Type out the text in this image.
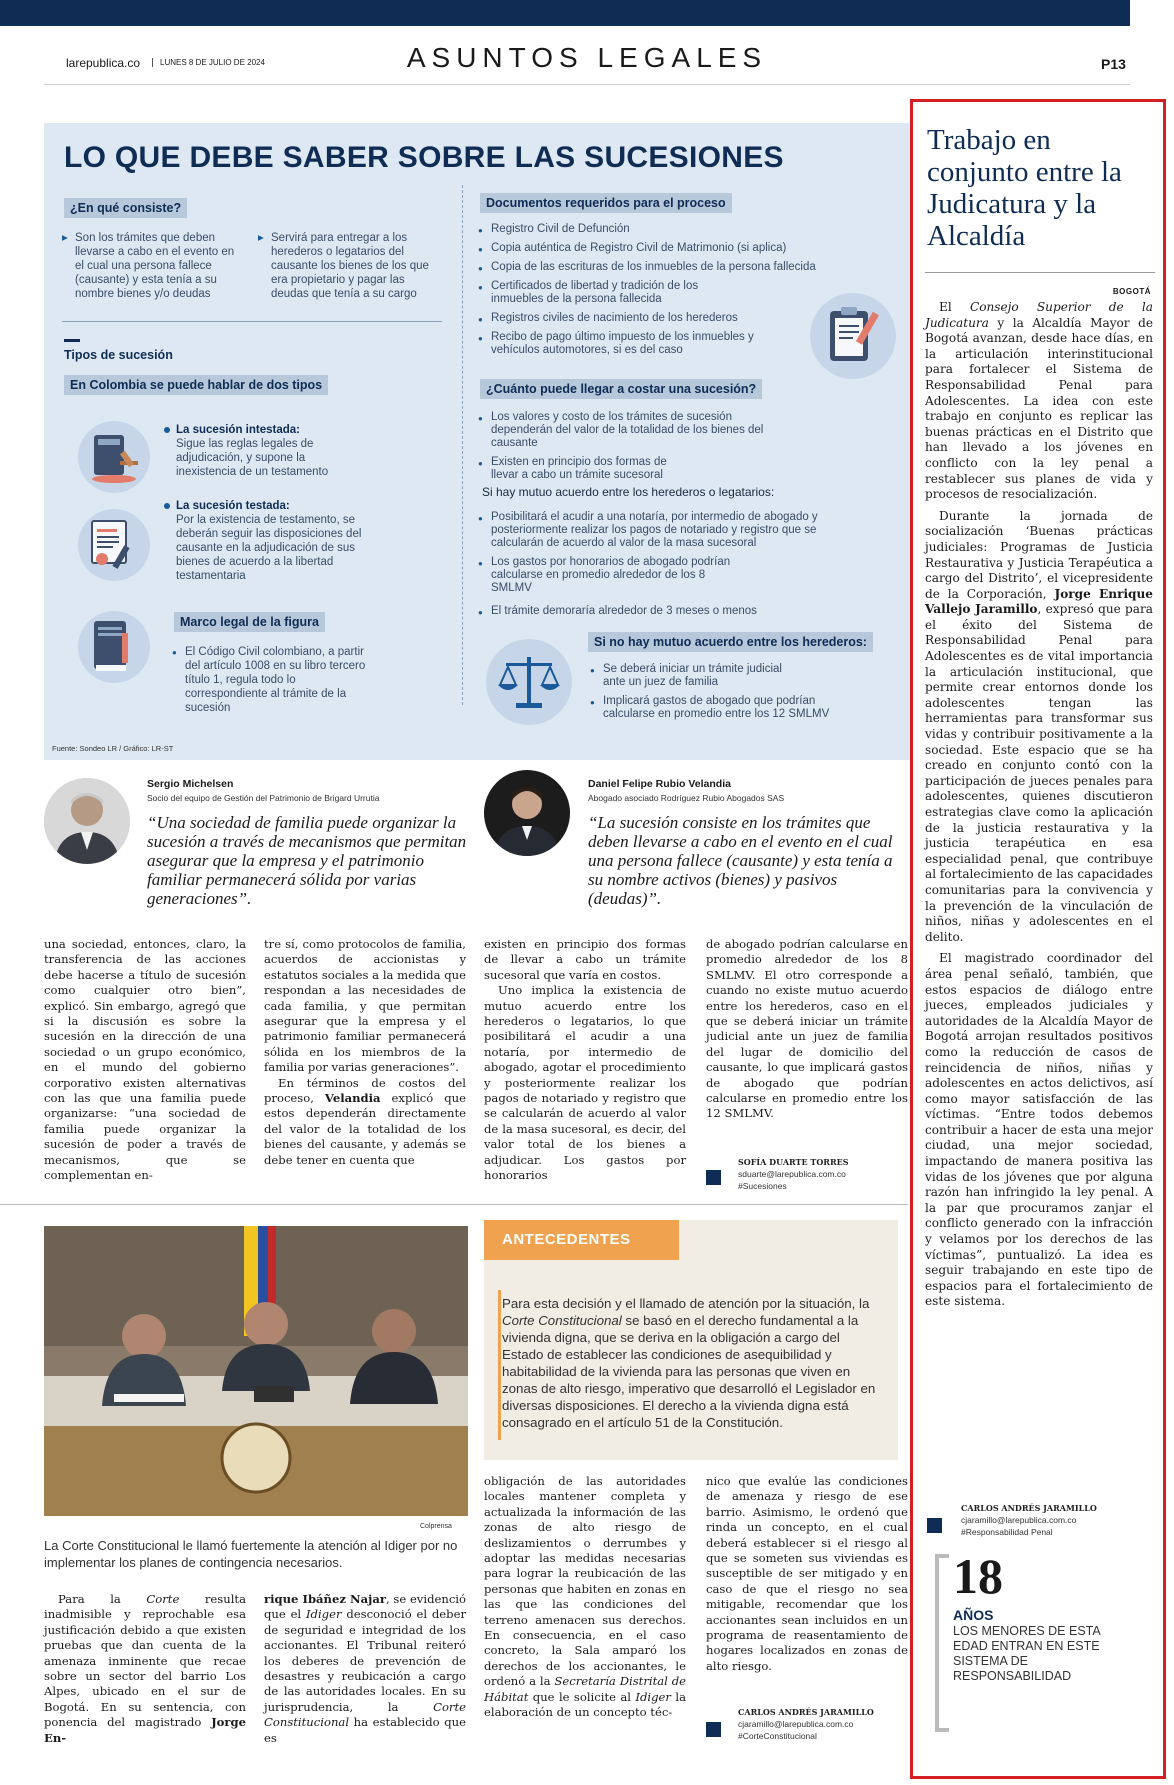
larepublica.co	LUNES 8 DE JULIO DE 2024	ASUNTOS LEGALES	P13
LO QUE DEBE SABER SOBRE LAS SUCESIONES
¿En qué consiste?
▸ Son los trámites que deben llevarse a cabo en el evento en el cual una persona fallece (causante) y esta tenía a su nombre bienes y/o deudas
▸ Servirá para entregar a los herederos o legatarios del causante los bienes de los que era propietario y pagar las deudas que tenía a su cargo
Tipos de sucesión
En Colombia se puede hablar de dos tipos
La sucesión intestada:
Sigue las reglas legales de adjudicación, y supone la inexistencia de un testamento
La sucesión testada:
Por la existencia de testamento, se deberán seguir las disposiciones del causante en la adjudicación de sus bienes de acuerdo a la libertad testamentaria
Marco legal de la figura
● El Código Civil colombiano, a partir del artículo 1008 en su libro tercero título 1, regula todo lo correspondiente al trámite de la sucesión
Fuente: Sondeo LR / Gráfico: LR-ST
Documentos requeridos para el proceso
● Registro Civil de Defunción
● Copia auténtica de Registro Civil de Matrimonio (si aplica)
● Copia de las escrituras de los inmuebles de la persona fallecida
● Certificados de libertad y tradición de los inmuebles de la persona fallecida
● Registros civiles de nacimiento de los herederos
● Recibo de pago último impuesto de los inmuebles y vehículos automotores, si es del caso
¿Cuánto puede llegar a costar una sucesión?
● Los valores y costo de los trámites de sucesión dependerán del valor de la totalidad de los bienes del causante
● Existen en principio dos formas de llevar a cabo un trámite sucesoral
Si hay mutuo acuerdo entre los herederos o legatarios:
● Posibilitará el acudir a una notaría, por intermedio de abogado y posteriormente realizar los pagos de notariado y registro que se calcularán de acuerdo al valor de la masa sucesoral
● Los gastos por honorarios de abogado podrían calcularse en promedio alrededor de los 8 SMLMV
● El trámite demoraría alrededor de 3 meses o menos
Si no hay mutuo acuerdo entre los herederos:
● Se deberá iniciar un trámite judicial ante un juez de familia
● Implicará gastos de abogado que podrían calcularse en promedio entre los 12 SMLMV
Sergio Michelsen
Socio del equipo de Gestión del Patrimonio de Brigard Urrutia
“Una sociedad de familia puede organizar la sucesión a través de mecanismos que permitan asegurar que la empresa y el patrimonio familiar permanecerá sólida por varias generaciones”.
Daniel Felipe Rubio Velandia
Abogado asociado Rodríguez Rubio Abogados SAS
“La sucesión consiste en los trámites que deben llevarse a cabo en el evento en el cual una persona fallece (causante) y esta tenía a su nombre activos (bienes) y pasivos (deudas)”.

una sociedad, entonces, claro, la transferencia de las acciones debe hacerse a título de sucesión como cualquier otro bien”, explicó. Sin embargo, agregó que si la discusión es sobre la sucesión en la dirección de una sociedad o un grupo económico, en el mundo del gobierno corporativo existen alternativas con las que una familia puede organizarse: “una sociedad de familia puede organizar la sucesión de poder a través de mecanismos, que se complementan en-

tre sí, como protocolos de familia, acuerdos de accionistas y estatutos sociales a la medida que respondan a las necesidades de cada familia, y que permitan asegurar que la empresa y el patrimonio familiar permanecerá sólida en los miembros de la familia por varias generaciones”.

En términos de costos del proceso, Velandia explicó que estos dependerán directamente del valor de la totalidad de los bienes del causante, y además se debe tener en cuenta que

existen en principio dos formas de llevar a cabo un trámite sucesoral que varía en costos.

Uno implica la existencia de mutuo acuerdo entre los herederos o legatarios, lo que posibilitará el acudir a una notaría, por intermedio de abogado, agotar el procedimiento y posteriormente realizar los pagos de notariado y registro que se calcularán de acuerdo al valor de la masa sucesoral, es decir, del valor total de los bienes a adjudicar. Los gastos por honorarios

de abogado podrían calcularse en promedio alrededor de los 8 SMLMV. El otro corresponde a cuando no existe mutuo acuerdo entre los herederos, caso en el que se deberá iniciar un trámite judicial ante un juez de familia del lugar de domicilio del causante, lo que implicará gastos de abogado que podrían calcularse en promedio entre los 12 SMLMV.

SOFÍA DUARTE TORRES
sduarte@larepublica.com.co
#Sucesiones
Colprensa
La Corte Constitucional le llamó fuertemente la atención al Idiger por no implementar los planes de contingencia necesarios.
ANTECEDENTES
Para esta decisión y el llamado de atención por la situación, la Corte Constitucional se basó en el derecho fundamental a la vivienda digna, que se deriva en la obligación a cargo del Estado de establecer las condiciones de asequibilidad y habitabilidad de la vivienda para las personas que viven en zonas de alto riesgo, imperativo que desarrolló el Legislador en diversas disposiciones. El derecho a la vivienda digna está consagrado en el artículo 51 de la Constitución.

Para la Corte resulta inadmisible y reprochable esa justificación debido a que existen pruebas que dan cuenta de la amenaza inminente que recae sobre un sector del barrio Los Alpes, ubicado en el sur de Bogotá. En su sentencia, con ponencia del magistrado Jorge En-

rique Ibáñez Najar, se evidenció que el Idiger desconoció el deber de seguridad e integridad de los accionantes. El Tribunal reiteró los deberes de prevención de desastres y reubicación a cargo de las autoridades locales. En su jurisprudencia, la Corte Constitucional ha establecido que es

obligación de las autoridades locales mantener completa y actualizada la información de las zonas de alto riesgo de deslizamientos o derrumbes y adoptar las medidas necesarias para lograr la reubicación de las personas que habiten en zonas en las que las condiciones del terreno amenacen sus derechos. En consecuencia, en el caso concreto, la Sala amparó los derechos de los accionantes, le ordenó a la Secretaría Distrital de Hábitat que le solicite al Idiger la elaboración de un concepto téc-

nico que evalúe las condiciones de amenaza y riesgo de ese barrio. Asimismo, le ordenó que rinda un concepto, en el cual deberá establecer si el riesgo al que se someten sus viviendas es susceptible de ser mitigado y en caso de que el riesgo no sea mitigable, recomendar que los accionantes sean incluidos en un programa de reasentamiento de hogares localizados en zonas de alto riesgo.

CARLOS ANDRÉS JARAMILLO
cjaramillo@larepublica.com.co
#CorteConstitucional
Trabajo en conjunto entre la Judicatura y la Alcaldía
BOGOTÁ

El Consejo Superior de la Judicatura y la Alcaldía Mayor de Bogotá avanzan, desde hace días, en la articulación interinstitucional para fortalecer el Sistema de Responsabilidad Penal para Adolescentes. La idea con este trabajo en conjunto es replicar las buenas prácticas en el Distrito que han llevado a los jóvenes en conflicto con la ley penal a restablecer sus planes de vida y procesos de resocialización.

Durante la jornada de socialización ‘Buenas prácticas judiciales: Programas de Justicia Restaurativa y Justicia Terapéutica a cargo del Distrito’, el vicepresidente de la Corporación, Jorge Enrique Vallejo Jaramillo, expresó que para el éxito del Sistema de Responsabilidad Penal para Adolescentes es de vital importancia la articulación institucional, que permite crear entornos donde los adolescentes tengan las herramientas para transformar sus vidas y contribuir positivamente a la sociedad. Este espacio que se ha creado en conjunto contó con la participación de jueces penales para adolescentes, quienes discutieron estrategias clave como la aplicación de la justicia restaurativa y la justicia terapéutica en esa especialidad penal, que contribuye al fortalecimiento de las capacidades comunitarias para la convivencia y la prevención de la vinculación de niños, niñas y adolescentes en el delito.

El magistrado coordinador del área penal señaló, también, que estos espacios de diálogo entre jueces, empleados judiciales y autoridades de la Alcaldía Mayor de Bogotá arrojan resultados positivos como la reducción de casos de reincidencia de niños, niñas y adolescentes en actos delictivos, así como mayor satisfacción de las víctimas. “Entre todos debemos contribuir a hacer de esta una mejor ciudad, una mejor sociedad, impactando de manera positiva las vidas de los jóvenes que por alguna razón han infringido la ley penal. A la par que procuramos zanjar el conflicto generado con la infracción y velamos por los derechos de las víctimas”, puntualizó. La idea es seguir trabajando en este tipo de espacios para el fortalecimiento de este sistema.

CARLOS ANDRÉS JARAMILLO
cjaramillo@larepublica.com.co
#Responsabilidad Penal
18
AÑOS
LOS MENORES DE ESTA EDAD ENTRAN EN ESTE SISTEMA DE RESPONSABILIDAD
